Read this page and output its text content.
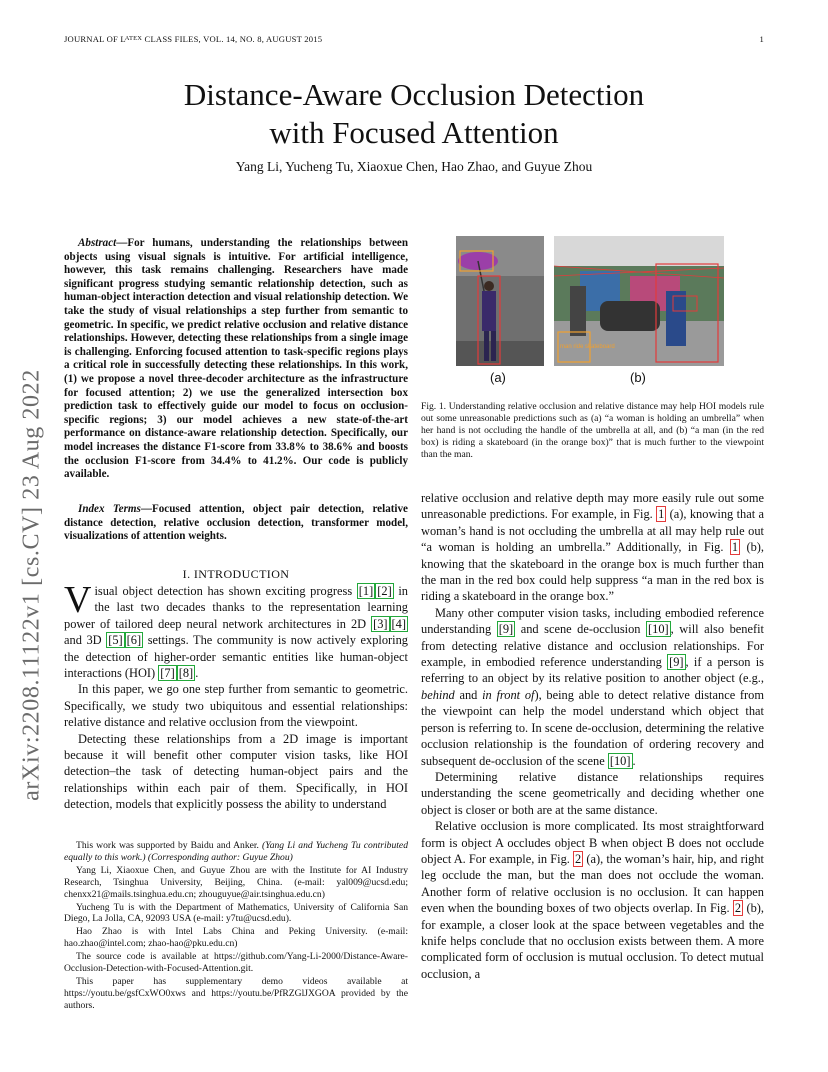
JOURNAL OF $L^{ATEX}$ CLASS FILES, VOL. 14, NO. 8, AUGUST 2015	1
Distance-Aware Occlusion Detection
with Focused Attention
Yang Li, Yucheng Tu, Xiaoxue Chen, Hao Zhao, and Guyue Zhou
arXiv:2208.11122v1 [cs.CV] 23 Aug 2022
Abstract—For humans, understanding the relationships between objects using visual signals is intuitive. For artificial intelligence, however, this task remains challenging. Researchers have made significant progress studying semantic relationship detection, such as human-object interaction detection and visual relationship detection. We take the study of visual relationships a step further from semantic to geometric. In specific, we predict relative occlusion and relative distance relationships. However, detecting these relationships from a single image is challenging. Enforcing focused attention to task-specific regions plays a critical role in successfully detecting these relationships. In this work, (1) we propose a novel three-decoder architecture as the infrastructure for focused attention; 2) we use the generalized intersection box prediction task to effectively guide our model to focus on occlusion-specific regions; 3) our model achieves a new state-of-the-art performance on distance-aware relationship detection. Specifically, our model increases the distance F1-score from 33.8% to 38.6% and boosts the occlusion F1-score from 34.4% to 41.2%. Our code is publicly available.
Index Terms—Focused attention, object pair detection, relative distance detection, relative occlusion detection, transformer model, visualizations of attention weights.
I. INTRODUCTION

Visual object detection has shown exciting progress [1] [2] in the last two decades thanks to the representation learning power of tailored deep neural network architectures in 2D [3] [4] and 3D [5] [6] settings. The community is now actively exploring the detection of higher-order semantic entities like human-object interactions (HOI) [7] [8] .

In this paper, we go one step further from semantic to geometric. Specifically, we study two ubiquitous and essential relationships: relative distance and relative occlusion from the viewpoint.

Detecting these relationships from a 2D image is important because it will benefit other computer vision tasks, like HOI detection–the task of detecting human-object pairs and the relationships within each pair of them. Specifically, in HOI detection, models that explicitly possess the ability to understand

This work was supported by Baidu and Anker. (Yang Li and Yucheng Tu contributed equally to this work.) (Corresponding author: Guyue Zhou)

Yang Li, Xiaoxue Chen, and Guyue Zhou are with the Institute for AI Industry Research, Tsinghua University, Beijing, China. (e-mail: yal009@ucsd.edu; chenxx21@mails.tsinghua.edu.cn; zhouguyue@air.tsinghua.edu.cn)

Yucheng Tu is with the Department of Mathematics, University of California San Diego, La Jolla, CA, 92093 USA (e-mail: y7tu@ucsd.edu).

Hao Zhao is with Intel Labs China and Peking University. (e-mail: hao.zhao@intel.com; zhao-hao@pku.edu.cn)

The source code is available at https://github.com/Yang-Li-2000/Distance-Aware-Occlusion-Detection-with-Focused-Attention.git.

This paper has supplementary demo videos available at https://youtu.be/gsfCxWO0xws and https://youtu.be/PfRZGlJXGOA provided by the authors.

man ride skateboard
(a)	(b)
Fig. 1. Understanding relative occlusion and relative distance may help HOI models rule out some unreasonable predictions such as (a) “a woman is holding an umbrella” when her hand is not occluding the handle of the umbrella at all, and (b) “a man (in the red box) is riding a skateboard (in the orange box)” that is much further to the viewpoint than the man.

relative occlusion and relative depth may more easily rule out some unreasonable predictions. For example, in Fig. 1 (a), knowing that a woman’s hand is not occluding the umbrella at all may help rule out “a woman is holding an umbrella.” Additionally, in Fig. 1 (b), knowing that the skateboard in the orange box is much further than the man in the red box could help suppress “a man in the red box is riding a skateboard in the orange box.”

Many other computer vision tasks, including embodied reference understanding [9] and scene de-occlusion [10] , will also benefit from detecting relative distance and occlusion relationships. For example, in embodied reference understanding [9] , if a person is referring to an object by its relative position to another object (e.g., behind and in front of), being able to detect relative distance from the viewpoint can help the model understand which object that person is referring to. In scene de-occlusion, determining the relative occlusion relationship is the foundation of ordering recovery and subsequent de-occlusion of the scene [10] .

Determining relative distance relationships requires understanding the scene geometrically and deciding whether one object is closer or both are at the same distance.

Relative occlusion is more complicated. Its most straightforward form is object A occludes object B when object B does not occlude object A. For example, in Fig. 2 (a), the woman’s hair, hip, and right leg occlude the man, but the man does not occlude the woman. Another form of relative occlusion is no occlusion. It can happen even when the bounding boxes of two objects overlap. In Fig. 2 (b), for example, a closer look at the space between vegetables and the knife helps conclude that no occlusion exists between them. A more complicated form of occlusion is mutual occlusion. To detect mutual occlusion, a
